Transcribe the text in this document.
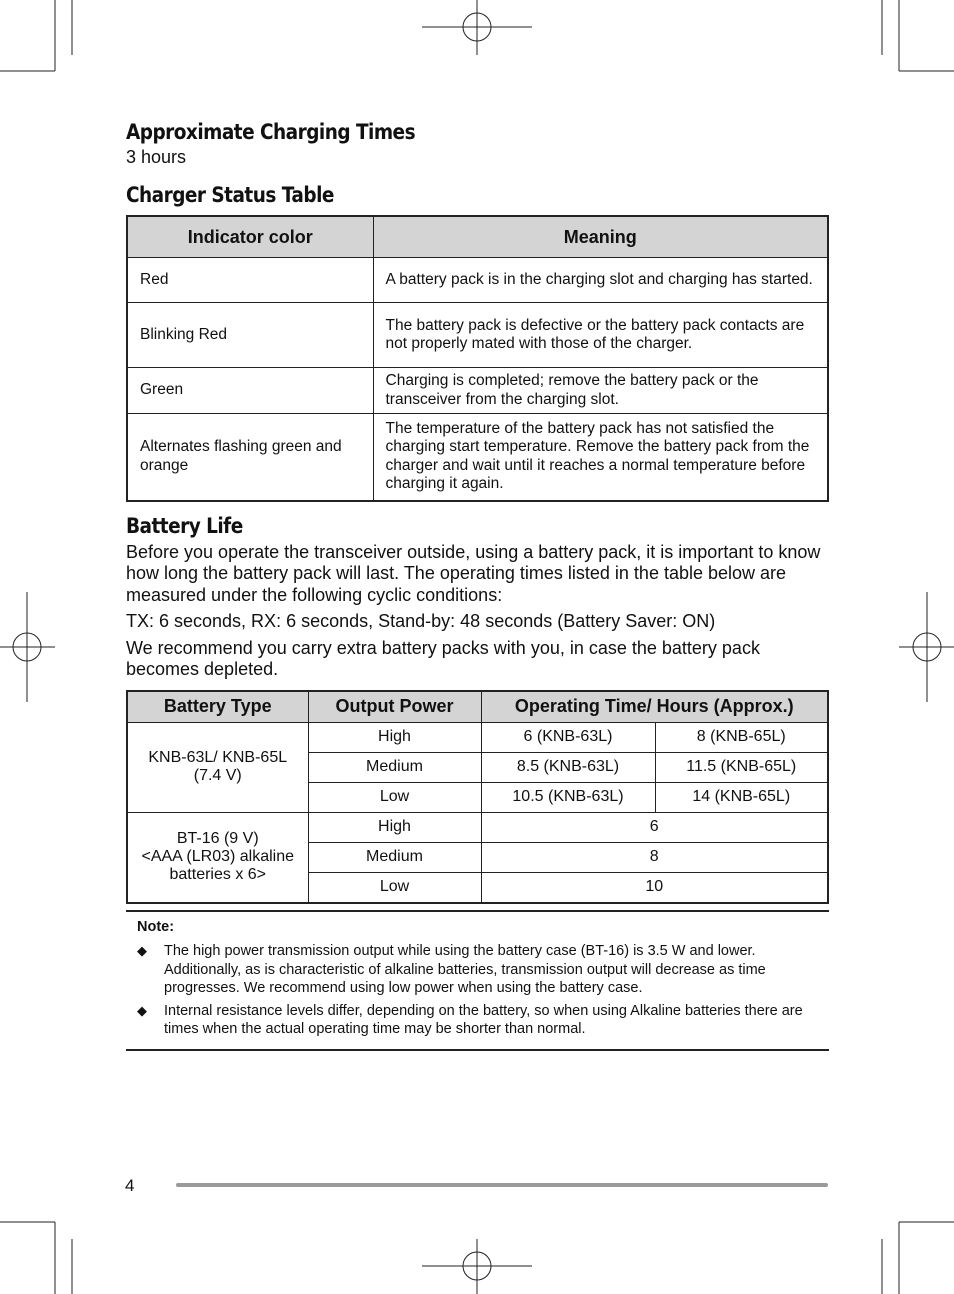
Approximate Charging Times

3 hours

Charger Status Table
Indicator color	Meaning
Red	A battery pack is in the charging slot and charging has started.
Blinking Red	The battery pack is defective or the battery pack contacts are not properly mated with those of the charger.
Green	Charging is completed; remove the battery pack or the transceiver from the charging slot.
Alternates flashing green and orange	The temperature of the battery pack has not satisfied the charging start temperature. Remove the battery pack from the charger and wait until it reaches a normal temperature before charging it again.
Battery Life

Before you operate the transceiver outside, using a battery pack, it is important to know how long the battery pack will last. The operating times listed in the table below are measured under the following cyclic conditions:

TX: 6 seconds, RX: 6 seconds, Stand-by: 48 seconds (Battery Saver: ON)

We recommend you carry extra battery packs with you, in case the battery pack becomes depleted.

Battery Type	Output Power	Operating Time/ Hours (Approx.)	

KNB-63L/ KNB-65L
(7.4 V)	High	6 (KNB-63L)	8 (KNB-65L)
	Medium	8.5 (KNB-63L)	11.5 (KNB-65L)
	Low	10.5 (KNB-63L)	14 (KNB-65L)

BT-16 (9 V)
<AAA (LR03) alkaline
batteries x 6>	High	6	
	Medium	8	
	Low	10	
Note:
◆	The high power transmission output while using the battery case (BT-16) is 3.5 W and lower. Additionally, as is characteristic of alkaline batteries, transmission output will decrease as time progresses. We recommend using low power when using the battery case.
◆	Internal resistance levels differ, depending on the battery, so when using Alkaline batteries there are times when the actual operating time may be shorter than normal.
4
